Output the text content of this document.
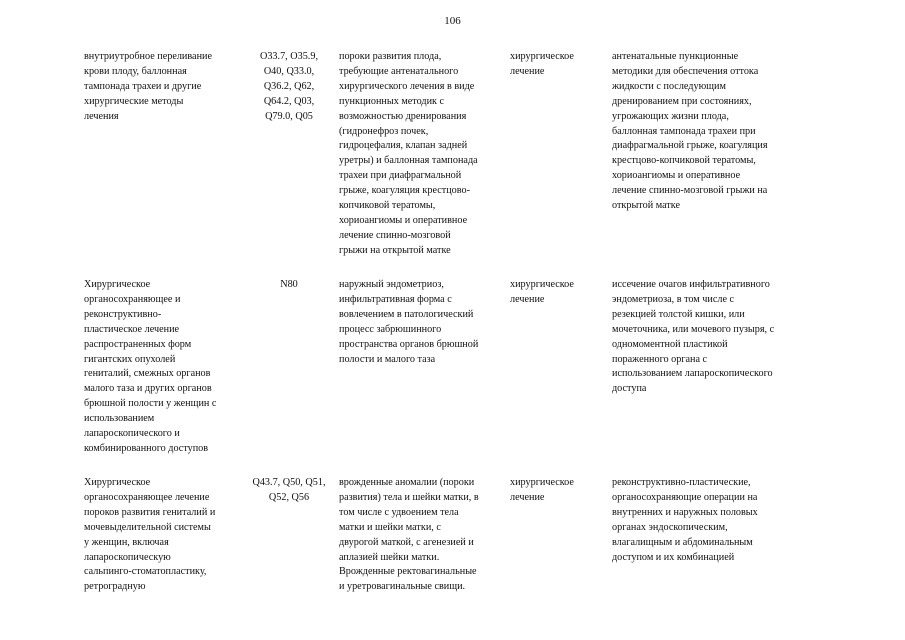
106
внутриутробное переливание
крови плоду, баллонная
тампонада трахеи и другие
хирургические методы
лечения
O33.7, O35.9,
O40, Q33.0,
Q36.2, Q62,
Q64.2, Q03,
Q79.0, Q05
пороки развития плода,
требующие антенатального
хирургического лечения в виде
пункционных методик с
возможностью дренирования
(гидронефроз почек,
гидроцефалия, клапан задней
уретры) и баллонная тампонада
трахеи при диафрагмальной
грыже, коагуляция крестцово-
копчиковой тератомы,
хориоангиомы и оперативное
лечение спинно-мозговой
грыжи на открытой матке
хирургическое
лечение
антенатальные пункционные
методики для обеспечения оттока
жидкости с последующим
дренированием при состояниях,
угрожающих жизни плода,
баллонная тампонада трахеи при
диафрагмальной грыже, коагуляция
крестцово-копчиковой тератомы,
хориоангиомы и оперативное
лечение спинно-мозговой грыжи на
открытой матке
Хирургическое
органосохраняющее и
реконструктивно-
пластическое лечение
распространенных форм
гигантских опухолей
гениталий, смежных органов
малого таза и других органов
брюшной полости у женщин с
использованием
лапароскопического и
комбинированного доступов
N80	наружный эндометриоз,
инфильтративная форма с
вовлечением в патологический
процесс забрюшинного
пространства органов брюшной
полости и малого таза
хирургическое
лечение
иссечение очагов инфильтративного
эндометриоза, в том числе с
резекцией толстой кишки, или
мочеточника, или мочевого пузыря, с
одномоментной пластикой
пораженного органа с
использованием лапароскопического
доступа
Хирургическое
органосохраняющее лечение
пороков развития гениталий и
мочевыделительной системы
у женщин, включая
лапароскопическую
сальпинго-стоматопластику,
ретроградную
Q43.7, Q50, Q51,
Q52, Q56
врожденные аномалии (пороки
развития) тела и шейки матки, в
том числе с удвоением тела
матки и шейки матки, с
двурогой маткой, с агенезией и
аплазией шейки матки.
Врожденные ректовагинальные
и уретровагинальные свищи.
хирургическое
лечение
реконструктивно-пластические,
органосохраняющие операции на
внутренних и наружных половых
органах эндоскопическим,
влагалищным и абдоминальным
доступом и их комбинацией
